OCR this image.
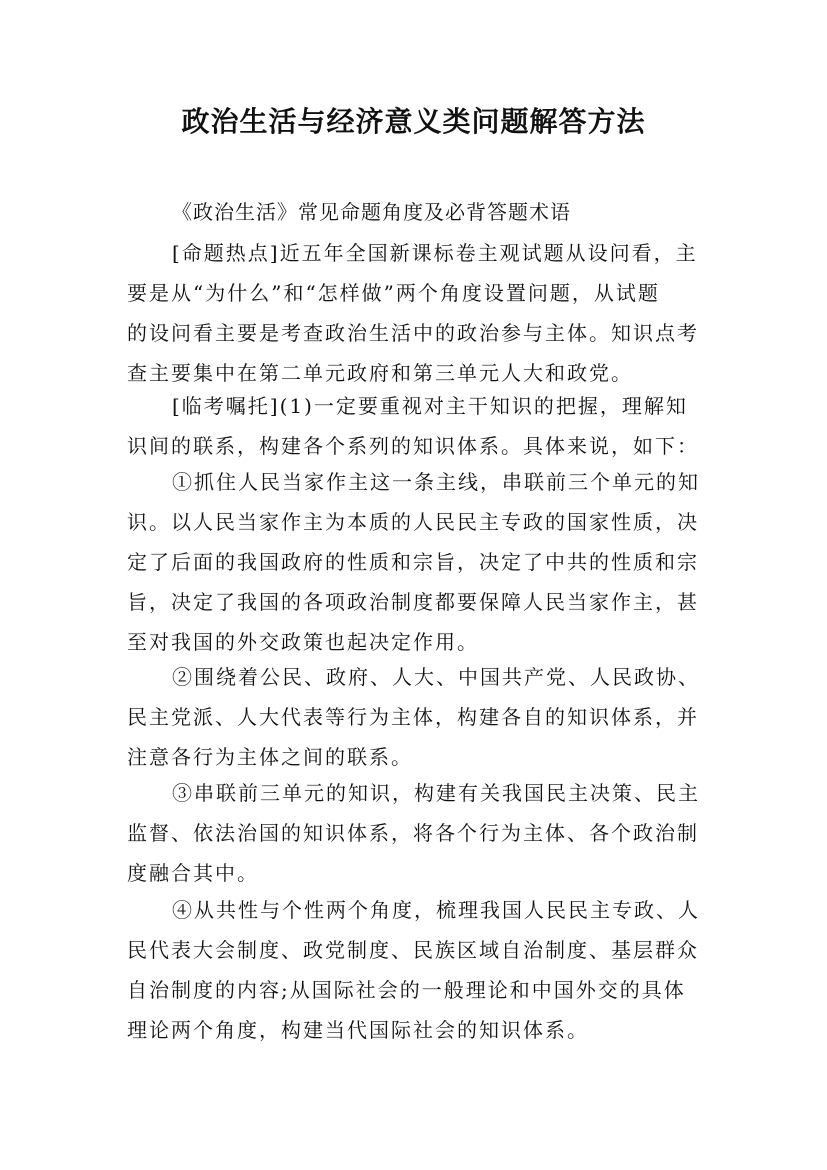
政治生活与经济意义类问题解答方法
《政治生活》常见命题角度及必背答题术语

[命题热点]近五年全国新课标卷主观试题从设问看，主
要是从“为什么”和“怎样做”两个角度设置问题，从试题
的设问看主要是考查政治生活中的政治参与主体。知识点考
查主要集中在第二单元政府和第三单元人大和政党。

[临考嘱托](1)一定要重视对主干知识的把握，理解知
识间的联系，构建各个系列的知识体系。具体来说，如下：

①抓住人民当家作主这一条主线，串联前三个单元的知
识。以人民当家作主为本质的人民民主专政的国家性质，决
定了后面的我国政府的性质和宗旨，决定了中共的性质和宗
旨，决定了我国的各项政治制度都要保障人民当家作主，甚
至对我国的外交政策也起决定作用。

②围绕着公民、政府、人大、中国共产党、人民政协、
民主党派、人大代表等行为主体，构建各自的知识体系，并
注意各行为主体之间的联系。

③串联前三单元的知识，构建有关我国民主决策、民主
监督、依法治国的知识体系，将各个行为主体、各个政治制
度融合其中。

④从共性与个性两个角度，梳理我国人民民主专政、人
民代表大会制度、政党制度、民族区域自治制度、基层群众
自治制度的内容;从国际社会的一般理论和中国外交的具体
理论两个角度，构建当代国际社会的知识体系。
